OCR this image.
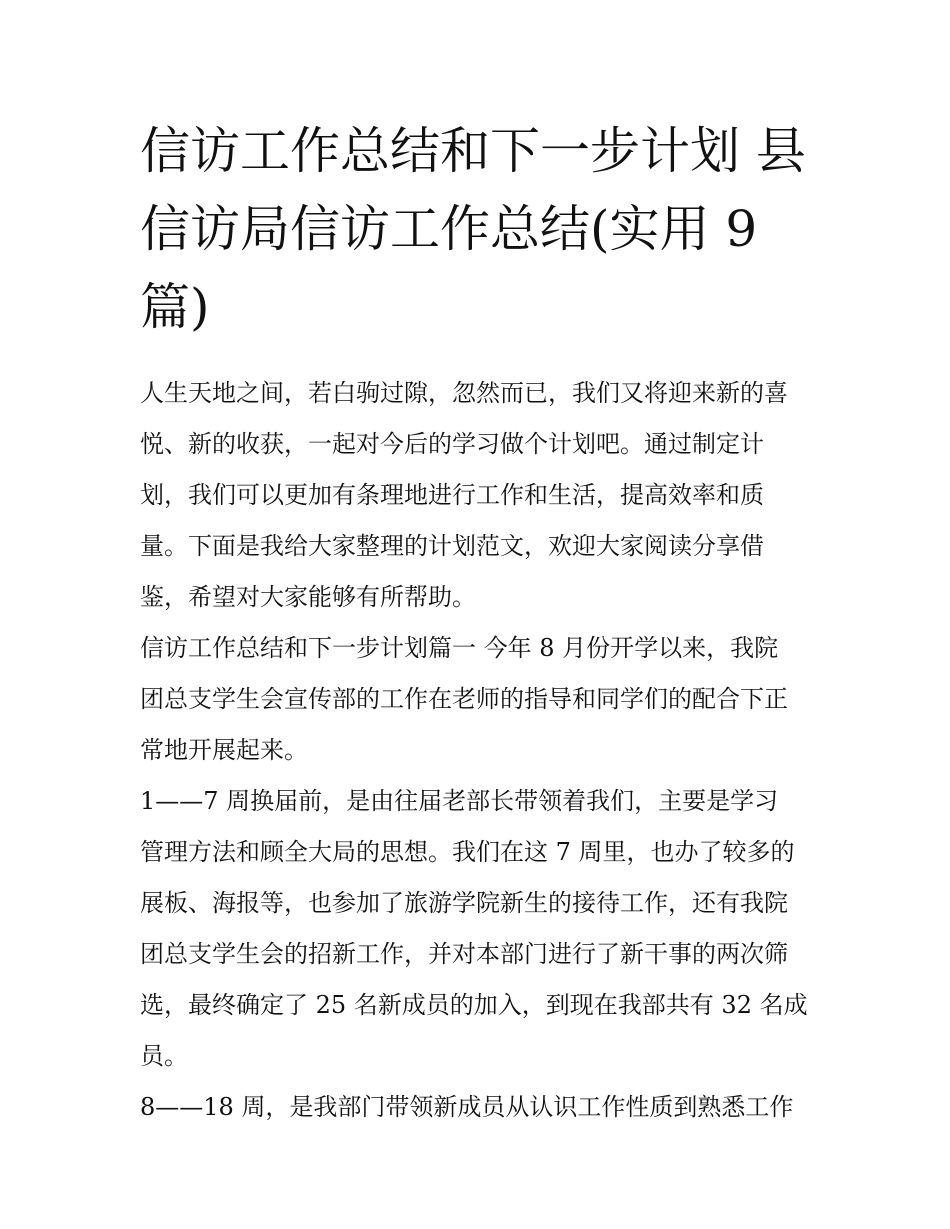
信访工作总结和下一步计划 县
信访局信访工作总结(实用 9
篇)

人生天地之间，若白驹过隙，忽然而已，我们又将迎来新的喜
悦、新的收获，一起对今后的学习做个计划吧。通过制定计
划，我们可以更加有条理地进行工作和生活，提高效率和质
量。下面是我给大家整理的计划范文，欢迎大家阅读分享借
鉴，希望对大家能够有所帮助。

信访工作总结和下一步计划篇一 今年 8 月份开学以来，我院
团总支学生会宣传部的工作在老师的指导和同学们的配合下正
常地开展起来。

1——7 周换届前，是由往届老部长带领着我们，主要是学习
管理方法和顾全大局的思想。我们在这 7 周里，也办了较多的
展板、海报等，也参加了旅游学院新生的接待工作，还有我院
团总支学生会的招新工作，并对本部门进行了新干事的两次筛
选，最终确定了 25 名新成员的加入，到现在我部共有 32 名成
员。

8——18 周，是我部门带领新成员从认识工作性质到熟悉工作
